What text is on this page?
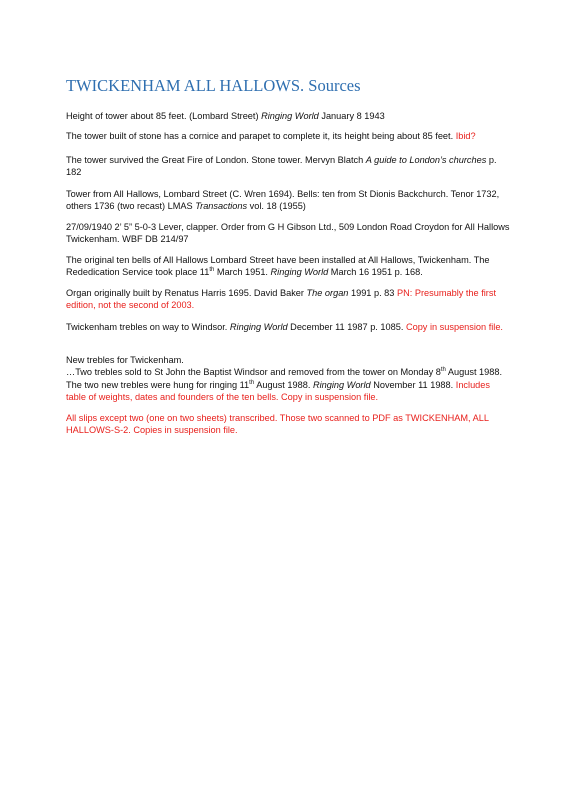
TWICKENHAM ALL HALLOWS. Sources
Height of tower about 85 feet. (Lombard Street) Ringing World January 8 1943
The tower built of stone has a cornice and parapet to complete it, its height being about 85 feet. Ibid?
The tower survived the Great Fire of London. Stone tower. Mervyn Blatch A guide to London’s churches p. 182
Tower from All Hallows, Lombard Street (C. Wren 1694). Bells: ten from St Dionis Backchurch. Tenor 1732, others 1736 (two recast) LMAS Transactions vol. 18 (1955)
27/09/1940 2’ 5” 5-0-3 Lever, clapper. Order from G H Gibson Ltd., 509 London Road Croydon for All Hallows Twickenham. WBF DB 214/97
The original ten bells of All Hallows Lombard Street have been installed at All Hallows, Twickenham. The Rededication Service took place 11th March 1951. Ringing World March 16 1951 p. 168.
Organ originally built by Renatus Harris 1695. David Baker The organ 1991 p. 83 PN: Presumably the first edition, not the second of 2003.
Twickenham trebles on way to Windsor. Ringing World December 11 1987 p. 1085. Copy in suspension file.
New trebles for Twickenham.
…Two trebles sold to St John the Baptist Windsor and removed from the tower on Monday 8th August 1988. The two new trebles were hung for ringing 11th August 1988. Ringing World November 11 1988. Includes table of weights, dates and founders of the ten bells. Copy in suspension file.
All slips except two (one on two sheets) transcribed. Those two scanned to PDF as TWICKENHAM, ALL HALLOWS-S-2. Copies in suspension file.
